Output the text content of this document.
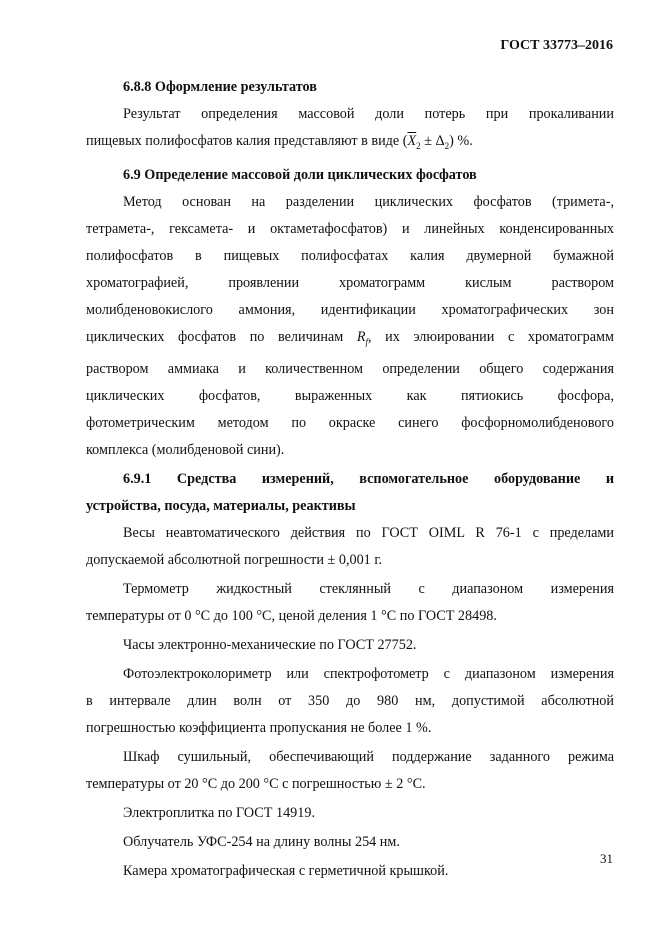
ГОСТ 33773–2016
6.8.8 Оформление результатов
Результат определения массовой доли потерь при прокаливании
пищевых полифосфатов калия представляют в виде $(\overline{X}_2 \pm \Delta_2)$ %.
6.9 Определение массовой доли циклических фосфатов
Метод основан на разделении циклических фосфатов (тримета-,
тетрамета-, гексамета- и октаметафосфатов) и линейных конденсированных
полифосфатов в пищевых полифосфатах калия двумерной бумажной
хроматографией, проявлении хроматограмм кислым раствором
молибденовокислого аммония, идентификации хроматографических зон
циклических фосфатов по величинам $R_f$, их элюировании с хроматограмм
раствором аммиака и количественном определении общего содержания
циклических фосфатов, выраженных как пятиокись фосфора,
фотометрическим методом по окраске синего фосфорномолибденового
комплекса (молибденовой сини).
6.9.1 Средства измерений, вспомогательное оборудование и
устройства, посуда, материалы, реактивы
Весы неавтоматического действия по ГОСТ OIML R 76-1 с пределами
допускаемой абсолютной погрешности ± 0,001 г.
Термометр жидкостный стеклянный с диапазоном измерения
температуры от 0 °С до 100 °С, ценой деления 1 °С по ГОСТ 28498.
Часы электронно-механические по ГОСТ 27752.
Фотоэлектроколориметр или спектрофотометр с диапазоном измерения
в интервале длин волн от 350 до 980 нм, допустимой абсолютной
погрешностью коэффициента пропускания не более 1 %.
Шкаф сушильный, обеспечивающий поддержание заданного режима
температуры от 20 °С до 200 °С с погрешностью ± 2 °С.
Электроплитка по ГОСТ 14919.
Облучатель УФС-254 на длину волны 254 нм.
Камера хроматографическая с герметичной крышкой.
31
